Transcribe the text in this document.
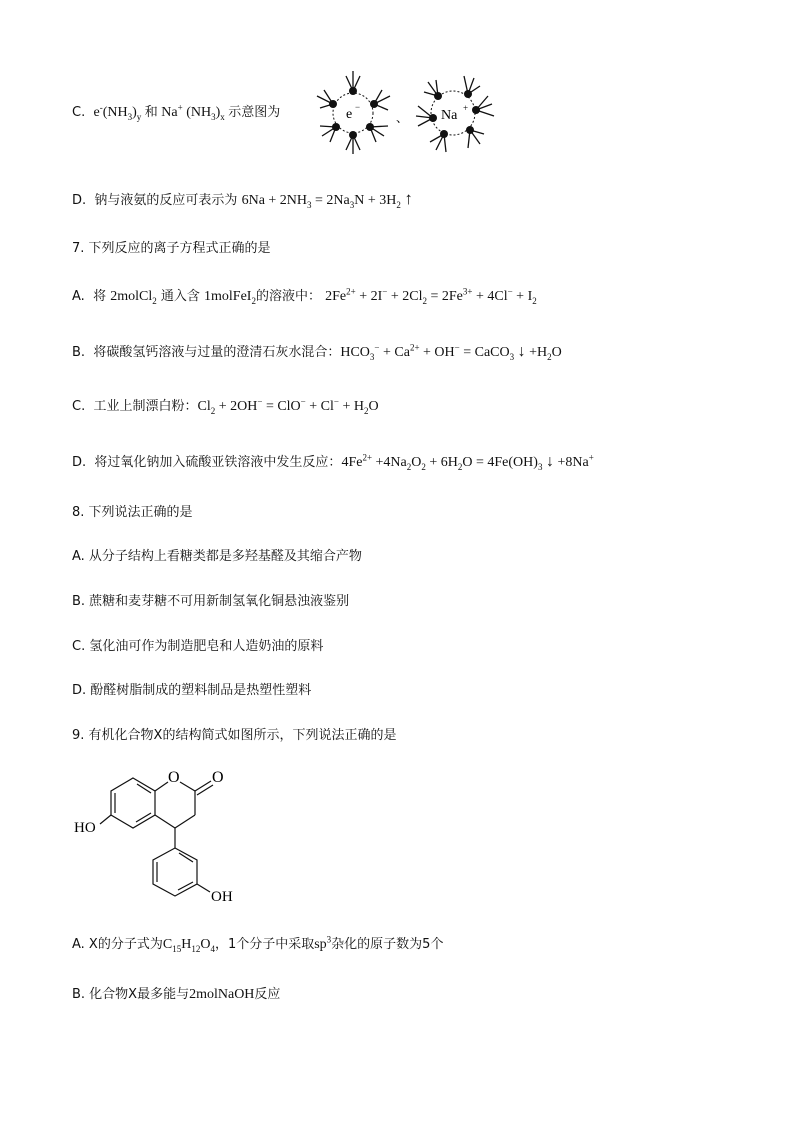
C. $e^-(NH_3)_y$ 和 Na+ $(NH_3)_x$ 示意图为	e −
、 Na +
D. 钠与液氨的反应可表示为 $6Na + 2NH_3 = 2Na_3N + 3H_2$ ↑
7. 下列反应的离子方程式正确的是
A. 将 2molCl$_2$ 通入含 1molFeI$_2$的溶液中： $2Fe^{2+} + 2I^- + 2Cl_2 = 2Fe^{3+} + 4Cl^- + I_2$
B. 将碳酸氢钙溶液与过量的澄清石灰水混合：$HCO_3^- + Ca^{2+} + OH^-$ = CaCO$_3$ ↓ $+H_2O$
C. 工业上制漂白粉：$Cl_2 + 2OH^- = ClO^- + Cl^- + H_2O$
D. 将过氧化钠加入硫酸亚铁溶液中发生反应：$4Fe^{2+} +4Na_2O_2 + 6H_2O = 4Fe(OH)_3$ ↓ +8Na+
8. 下列说法正确的是
A. 从分子结构上看糖类都是多羟基醛及其缩合产物
B. 蔗糖和麦芽糖不可用新制氢氧化铜悬浊液鉴别
C. 氢化油可作为制造肥皂和人造奶油的原料
D. 酚醛树脂制成的塑料制品是热塑性塑料
9. 有机化合物X的结构简式如图所示，下列说法正确的是
O O
HO
OH
A. X的分子式为$C_{15}H_{12}O_4$，1个分子中采取$sp^3$杂化的原子数为5个
B. 化合物X最多能与2molNaOH反应
